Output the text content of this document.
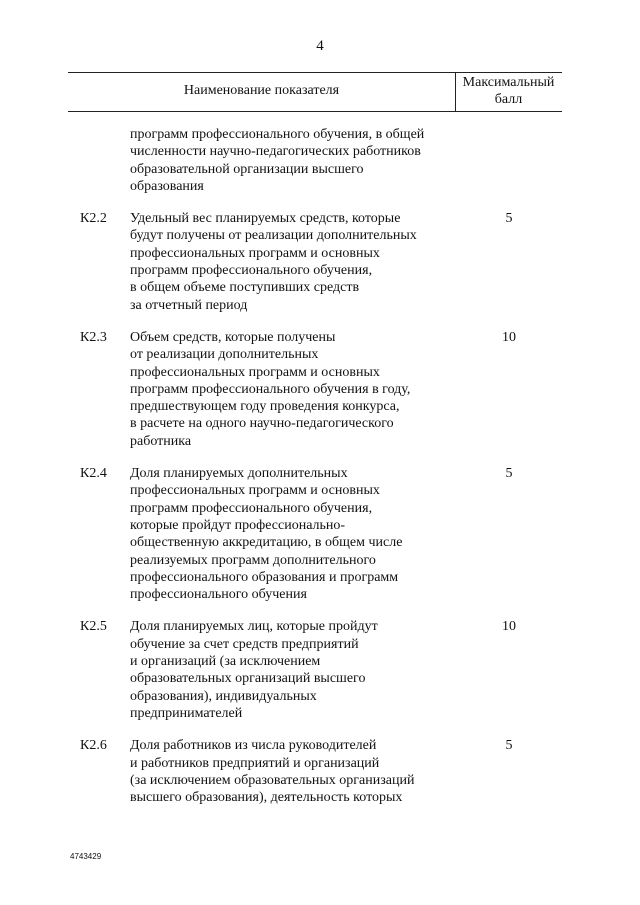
4
Наименование показателя
Максимальный
балл
программ профессионального обучения, в общей
численности научно-педагогических работников
образовательной организации высшего
образования
К2.2 Удельный вес планируемых средств, которые
будут получены от реализации дополнительных
профессиональных программ и основных
программ профессионального обучения,
в общем объеме поступивших средств
за отчетный период
5
К2.3 Объем средств, которые получены
от реализации дополнительных
профессиональных программ и основных
программ профессионального обучения в году,
предшествующем году проведения конкурса,
в расчете на одного научно-педагогического
работника
10
К2.4 Доля планируемых дополнительных
профессиональных программ и основных
программ профессионального обучения,
которые пройдут профессионально-
общественную аккредитацию, в общем числе
реализуемых программ дополнительного
профессионального образования и программ
профессионального обучения
5
К2.5 Доля планируемых лиц, которые пройдут
обучение за счет средств предприятий
и организаций (за исключением
образовательных организаций высшего
образования), индивидуальных
предпринимателей
10
К2.6 Доля работников из числа руководителей
и работников предприятий и организаций
(за исключением образовательных организаций
высшего образования), деятельность которых
5
4743429
